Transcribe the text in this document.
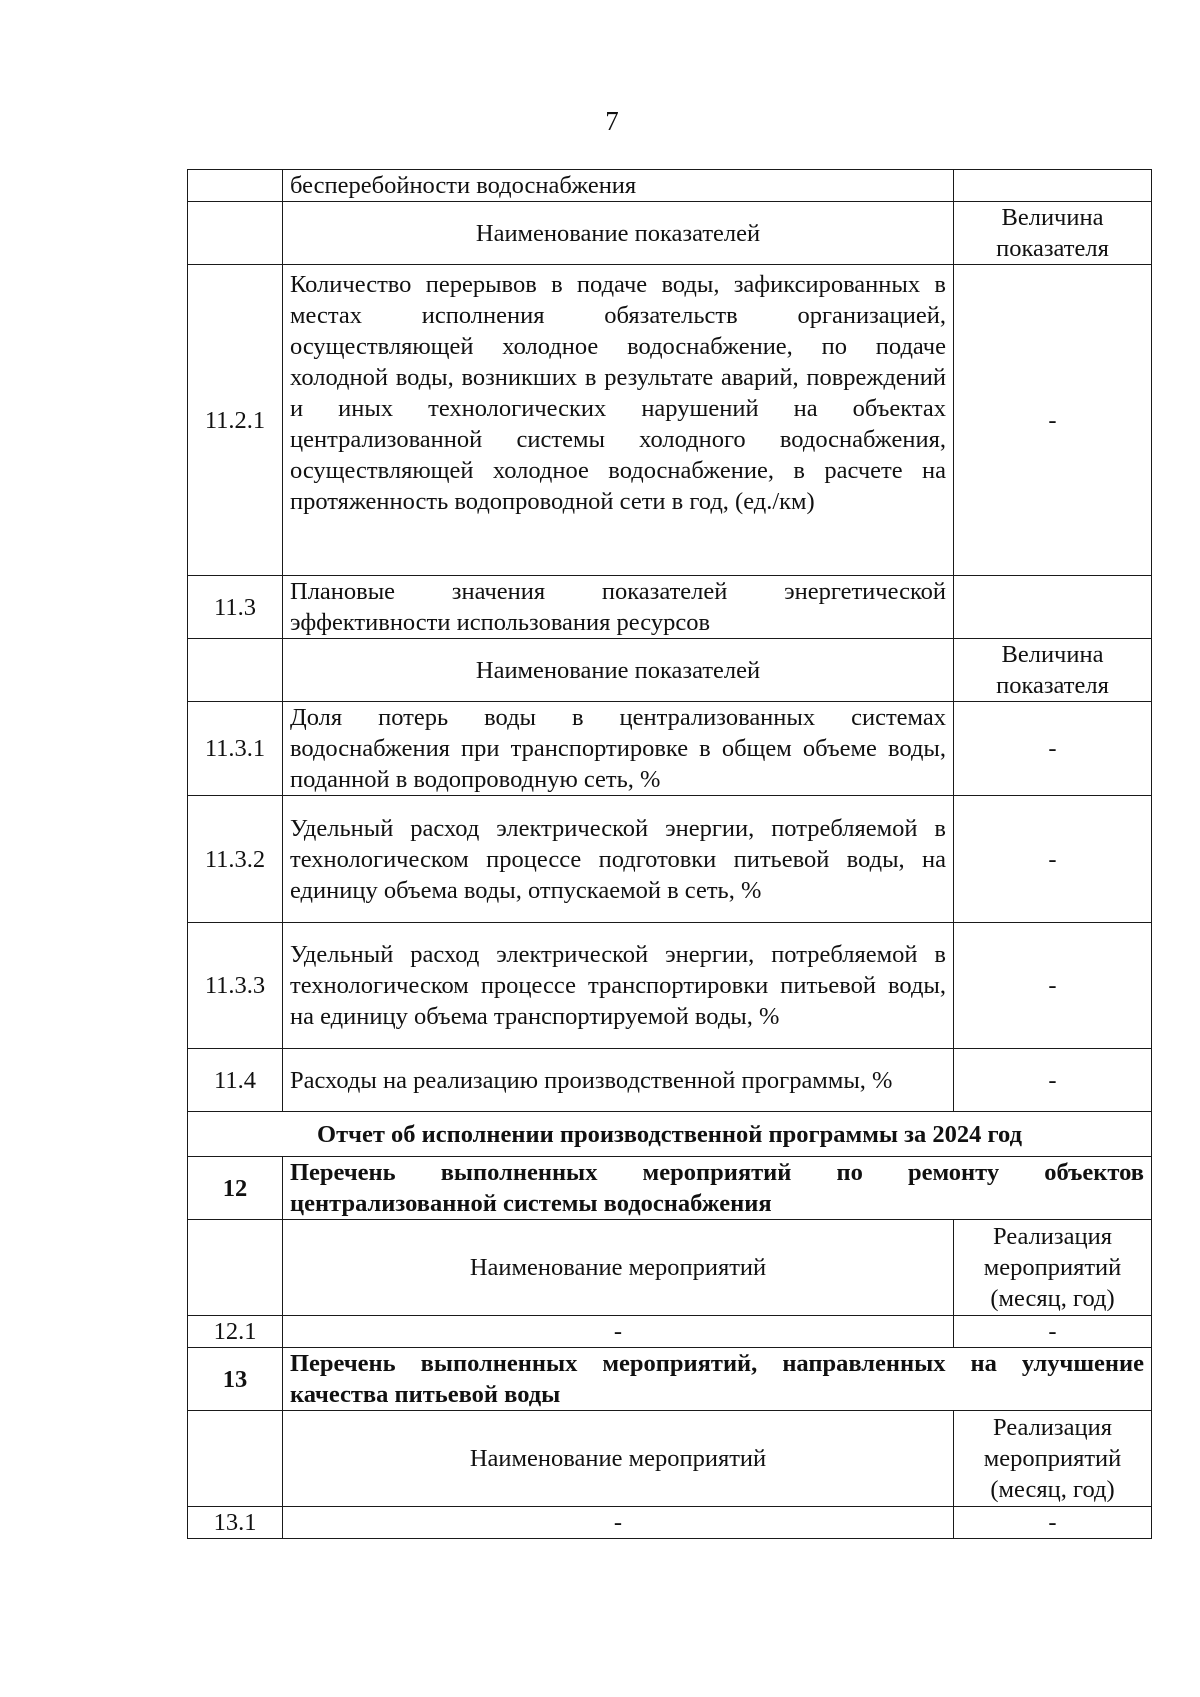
7
	бесперебойности водоснабжения	
	Наименование показателей	Величина показателя
11.2.1	Количество перерывов в подаче воды, зафиксированных в местах исполнения обязательств организацией, осуществляющей холодное водоснабжение, по подаче холодной воды, возникших в результате аварий, повреждений и иных технологических нарушений на объектах централизованной системы холодного водоснабжения, осуществляющей холодное водоснабжение, в расчете на протяженность водопроводной сети в год, (ед./км)	-
11.3	Плановые значения показателей энергетической эффективности использования ресурсов	
	Наименование показателей	Величина показателя
11.3.1	Доля потерь воды в централизованных системах водоснабжения при транспортировке в общем объеме воды, поданной в водопроводную сеть, %	-
11.3.2	Удельный расход электрической энергии, потребляемой в технологическом процессе подготовки питьевой воды, на единицу объема воды, отпускаемой в сеть, %	-
11.3.3	Удельный расход электрической энергии, потребляемой в технологическом процессе транспортировки питьевой воды, на единицу объема транспортируемой воды, %	-
11.4	Расходы на реализацию производственной программы, %	-
Отчет об исполнении производственной программы за 2024 год		
12	Перечень выполненных мероприятий по ремонту объектов централизованной системы водоснабжения	
	Наименование мероприятий	Реализация мероприятий (месяц, год)
12.1	-	-
13	Перечень выполненных мероприятий, направленных на улучшение качества питьевой воды	
	Наименование мероприятий	Реализация мероприятий (месяц, год)
13.1	-	-
